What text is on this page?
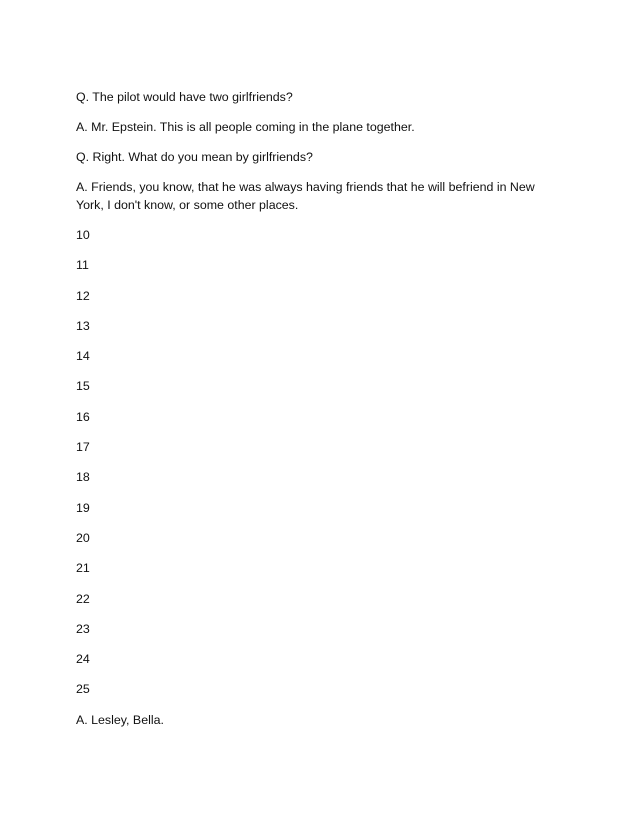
Q. The pilot would have two girlfriends?

A. Mr. Epstein. This is all people coming in the plane together.

Q. Right. What do you mean by girlfriends?

A. Friends, you know, that he was always having friends that he will befriend in New York, I don't know, or some other places.

10
11
12
13
14
15
16
17
18
19
20
21
22
23
24
25

A. Lesley, Bella.
